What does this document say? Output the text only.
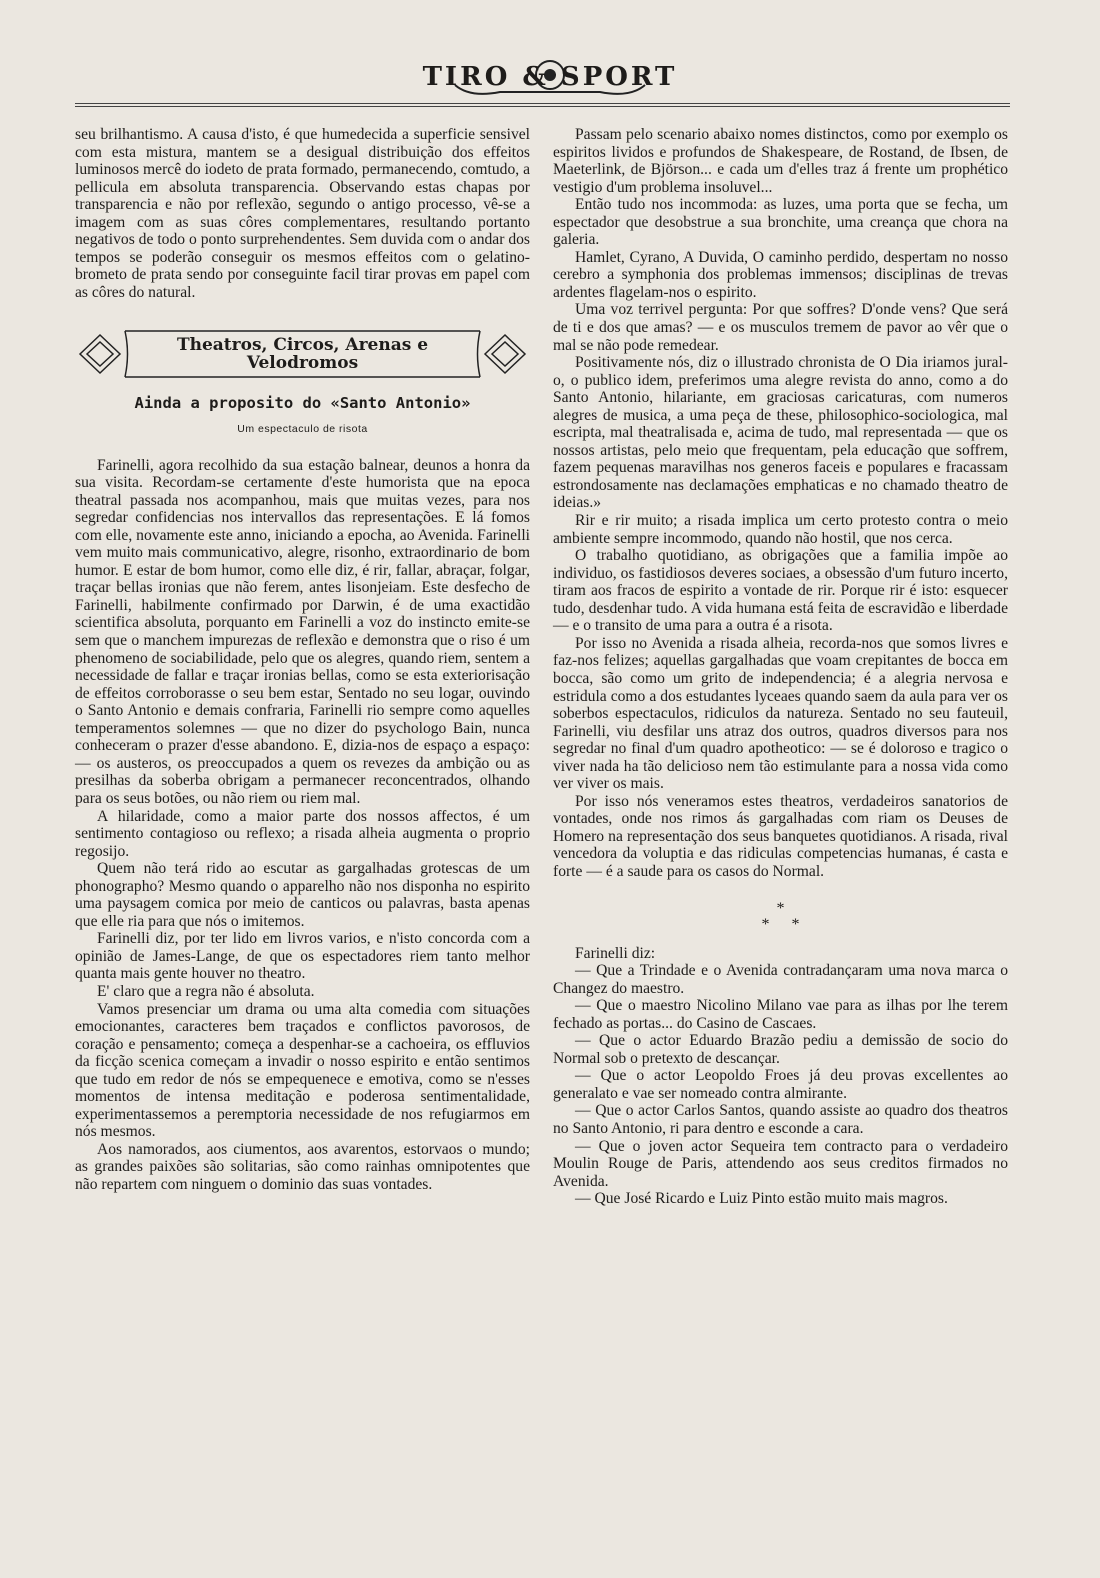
TIRO & SPORT

seu brilhantismo. A causa d'isto, é que humedecida a superficie sensivel com esta mistura, mantem se a desigual distribuição dos effeitos luminosos mercê do iodeto de prata formado, permanecendo, comtudo, a pellicula em absoluta transparencia. Observando estas chapas por transparencia e não por reflexão, segundo o antigo processo, vê-se a imagem com as suas côres complementares, resultando portanto negativos de todo o ponto surprehendentes. Sem duvida com o andar dos tempos se poderão conseguir os mesmos effeitos com o gelatino-brometo de prata sendo por conseguinte facil tirar provas em papel com as côres do natural.

Theatros, Circos, Arenas e Velodromos
Ainda a proposito do «Santo Antonio»
Um espectaculo de risota

Farinelli, agora recolhido da sua estação balnear, deunos a honra da sua visita. Recordam-se certamente d'este humorista que na epoca theatral passada nos acompanhou, mais que muitas vezes, para nos segredar confidencias nos intervallos das representações. E lá fomos com elle, novamente este anno, iniciando a epocha, ao Avenida. Farinelli vem muito mais communicativo, alegre, risonho, extraordinario de bom humor. E estar de bom humor, como elle diz, é rir, fallar, abraçar, folgar, traçar bellas ironias que não ferem, antes lisonjeiam. Este desfecho de Farinelli, habilmente confirmado por Darwin, é de uma exactidão scientifica absoluta, porquanto em Farinelli a voz do instincto emite-se sem que o manchem impurezas de reflexão e demonstra que o riso é um phenomeno de sociabilidade, pelo que os alegres, quando riem, sentem a necessidade de fallar e traçar ironias bellas, como se esta exteriorisação de effeitos corroborasse o seu bem estar, Sentado no seu logar, ouvindo o Santo Antonio e demais confraria, Farinelli rio sempre como aquelles temperamentos solemnes — que no dizer do psychologo Bain, nunca conheceram o prazer d'esse abandono. E, dizia-nos de espaço a espaço: — os austeros, os preoccupados a quem os revezes da ambição ou as presilhas da soberba obrigam a permanecer reconcentrados, olhando para os seus botões, ou não riem ou riem mal.

A hilaridade, como a maior parte dos nossos affectos, é um sentimento contagioso ou reflexo; a risada alheia augmenta o proprio regosijo.

Quem não terá rido ao escutar as gargalhadas grotescas de um phonographo? Mesmo quando o apparelho não nos disponha no espirito uma paysagem comica por meio de canticos ou palavras, basta apenas que elle ria para que nós o imitemos.

Farinelli diz, por ter lido em livros varios, e n'isto concorda com a opinião de James-Lange, de que os espectadores riem tanto melhor quanta mais gente houver no theatro.

E' claro que a regra não é absoluta.

Vamos presenciar um drama ou uma alta comedia com situações emocionantes, caracteres bem traçados e conflictos pavorosos, de coração e pensamento; começa a despenhar-se a cachoeira, os effluvios da ficção scenica começam a invadir o nosso espirito e então sentimos que tudo em redor de nós se empequenece e emotiva, como se n'esses momentos de intensa meditação e poderosa sentimentalidade, experimentassemos a peremptoria necessidade de nos refugiarmos em nós mesmos.

Aos namorados, aos ciumentos, aos avarentos, estorvaos o mundo; as grandes paixões são solitarias, são como rainhas omnipotentes que não repartem com ninguem o dominio das suas vontades.

Passam pelo scenario abaixo nomes distinctos, como por exemplo os espiritos lividos e profundos de Shakespeare, de Rostand, de Ibsen, de Maeterlink, de Björson... e cada um d'elles traz á frente um prophético vestigio d'um problema insoluvel...

Então tudo nos incommoda: as luzes, uma porta que se fecha, um espectador que desobstrue a sua bronchite, uma creança que chora na galeria.

Hamlet, Cyrano, A Duvida, O caminho perdido, despertam no nosso cerebro a symphonia dos problemas immensos; disciplinas de trevas ardentes flagelam-nos o espirito.

Uma voz terrivel pergunta: Por que soffres? D'onde vens? Que será de ti e dos que amas? — e os musculos tremem de pavor ao vêr que o mal se não pode remedear.

Positivamente nós, diz o illustrado chronista de O Dia iriamos jural-o, o publico idem, preferimos uma alegre revista do anno, como a do Santo Antonio, hilariante, em graciosas caricaturas, com numeros alegres de musica, a uma peça de these, philosophico-sociologica, mal escripta, mal theatralisada e, acima de tudo, mal representada — que os nossos artistas, pelo meio que frequentam, pela educação que soffrem, fazem pequenas maravilhas nos generos faceis e populares e fracassam estrondosamente nas declamações emphaticas e no chamado theatro de ideias.»

Rir e rir muito; a risada implica um certo protesto contra o meio ambiente sempre incommodo, quando não hostil, que nos cerca.

O trabalho quotidiano, as obrigações que a familia impõe ao individuo, os fastidiosos deveres sociaes, a obsessão d'um futuro incerto, tiram aos fracos de espirito a vontade de rir. Porque rir é isto: esquecer tudo, desdenhar tudo. A vida humana está feita de escravidão e liberdade — e o transito de uma para a outra é a risota.

Por isso no Avenida a risada alheia, recorda-nos que somos livres e faz-nos felizes; aquellas gargalhadas que voam crepitantes de bocca em bocca, são como um grito de independencia; é a alegria nervosa e estridula como a dos estudantes lyceaes quando saem da aula para ver os soberbos espectaculos, ridiculos da natureza. Sentado no seu fauteuil, Farinelli, viu desfilar uns atraz dos outros, quadros diversos para nos segredar no final d'um quadro apotheotico: — se é doloroso e tragico o viver nada ha tão delicioso nem tão estimulante para a nossa vida como ver viver os mais.

Por isso nós veneramos estes theatros, verdadeiros sanatorios de vontades, onde nos rimos ás gargalhadas com riam os Deuses de Homero na representação dos seus banquetes quotidianos. A risada, rival vencedora da voluptia e das ridiculas competencias humanas, é casta e forte — é a saude para os casos do Normal.

*
* *

Farinelli diz:

— Que a Trindade e o Avenida contradançaram uma nova marca o Changez do maestro.

— Que o maestro Nicolino Milano vae para as ilhas por lhe terem fechado as portas... do Casino de Cascaes.

— Que o actor Eduardo Brazão pediu a demissão de socio do Normal sob o pretexto de descançar.

— Que o actor Leopoldo Froes já deu provas excellentes ao generalato e vae ser nomeado contra almirante.

— Que o actor Carlos Santos, quando assiste ao quadro dos theatros no Santo Antonio, ri para dentro e esconde a cara.

— Que o joven actor Sequeira tem contracto para o verdadeiro Moulin Rouge de Paris, attendendo aos seus creditos firmados no Avenida.

— Que José Ricardo e Luiz Pinto estão muito mais magros.
